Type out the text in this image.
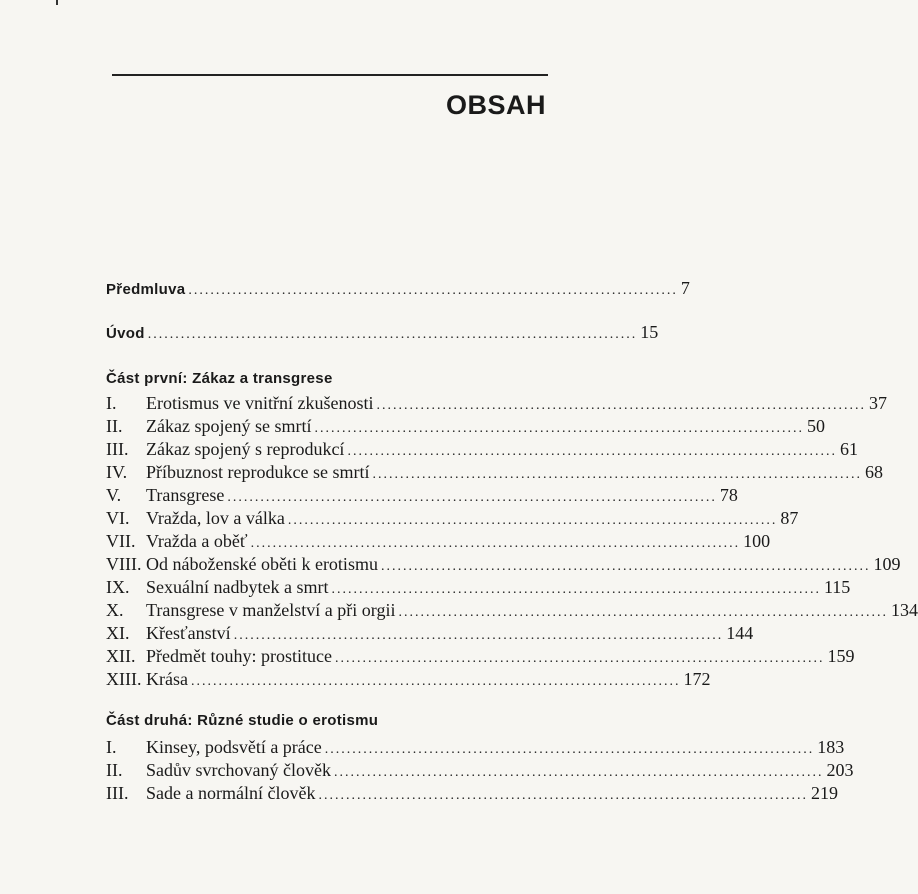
OBSAH
Předmluva ......................................................................................... 7
Úvod ......................................................................................... 15
Část první: Zákaz a transgrese
I.	Erotismus ve vnitřní zkušenosti ......................................................................................... 37
II.	Zákaz spojený se smrtí ......................................................................................... 50
III. Zákaz spojený s reprodukcí ......................................................................................... 61
IV.	Příbuznost reprodukce se smrtí ......................................................................................... 68
V.	Transgrese ......................................................................................... 78
VI. Vražda, lov a válka ......................................................................................... 87
VII. Vražda a oběť ......................................................................................... 100
VIII. Od náboženské oběti k erotismu ......................................................................................... 109
IX. Sexuální nadbytek a smrt ......................................................................................... 115
X.	Transgrese v manželství a při orgii ......................................................................................... 134
XI. Křesťanství ......................................................................................... 144
XII. Předmět touhy: prostituce ......................................................................................... 159
XIII. Krása ......................................................................................... 172
Část druhá: Různé studie o erotismu
I.	Kinsey, podsvětí a práce ......................................................................................... 183
II.	Sadův svrchovaný člověk ......................................................................................... 203
III. Sade a normální člověk ......................................................................................... 219
